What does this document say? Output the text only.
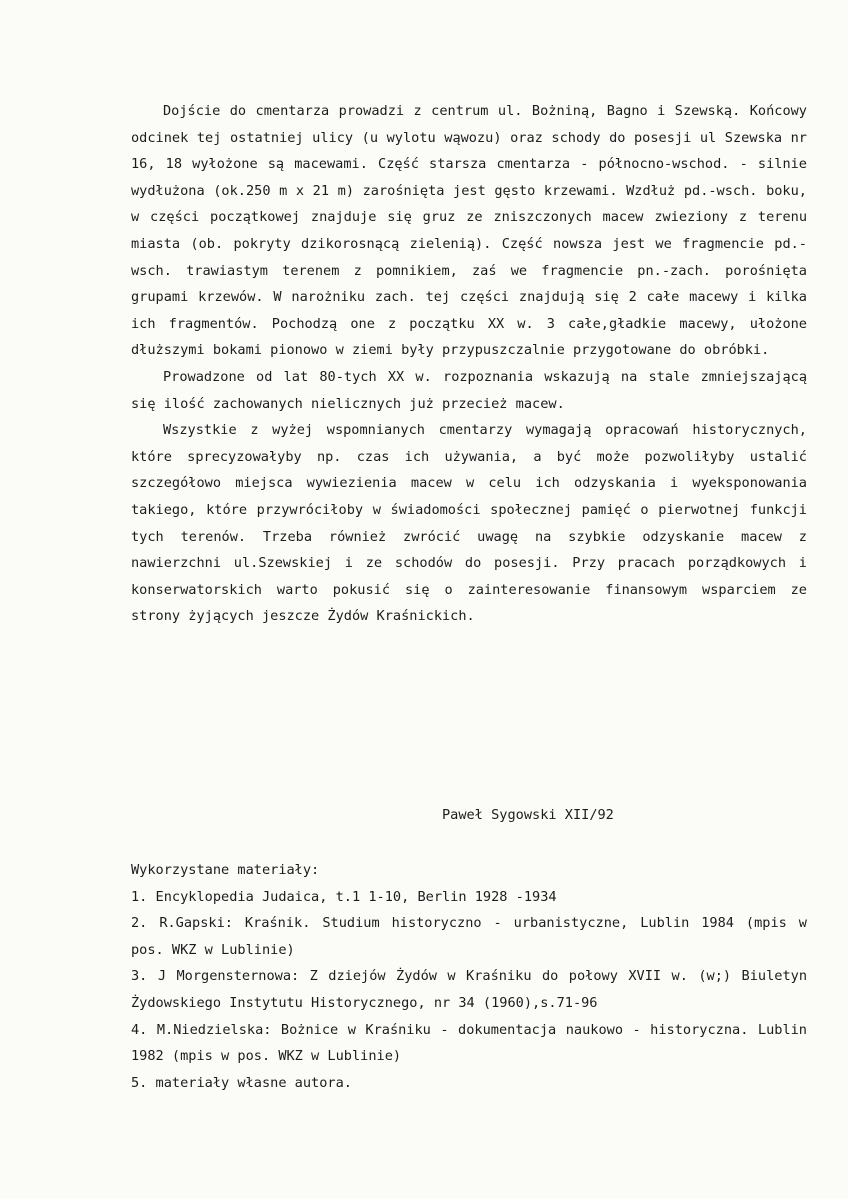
Dojście do cmentarza prowadzi z centrum ul. Bożniną, Bagno i Szewską. Końcowy odcinek tej ostatniej ulicy (u wylotu wąwozu) oraz schody do posesji ul Szewska nr 16, 18 wyłożone są macewami. Część starsza cmentarza - północno-wschod. - silnie wydłużona (ok.250 m x 21 m) zarośnięta jest gęsto krzewami. Wzdłuż pd.-wsch. boku, w części początkowej znajduje się gruz ze zniszczonych macew zwieziony z terenu miasta (ob. pokryty dzikorosnącą zielenią). Część nowsza jest we fragmencie pd.-wsch. trawiastym terenem z pomnikiem, zaś we fragmencie pn.-zach. porośnięta grupami krzewów. W narożniku zach. tej części znajdują się 2 całe macewy i kilka ich fragmentów. Pochodzą one z początku XX w. 3 całe,gładkie macewy, ułożone dłuższymi bokami pionowo w ziemi były przypuszczalnie przygotowane do obróbki.

Prowadzone od lat 80-tych XX w. rozpoznania wskazują na stale zmniejszającą się ilość zachowanych nielicznych już przecież macew.

Wszystkie z wyżej wspomnianych cmentarzy wymagają opracowań historycznych, które sprecyzowałyby np. czas ich używania, a być może pozwoliłyby ustalić szczegółowo miejsca wywiezienia macew w celu ich odzyskania i wyeksponowania takiego, które przywróciłoby w świadomości społecznej pamięć o pierwotnej funkcji tych terenów. Trzeba również zwrócić uwagę na szybkie odzyskanie macew z nawierzchni ul.Szewskiej i ze schodów do posesji. Przy pracach porządkowych i konserwatorskich warto pokusić się o zainteresowanie finansowym wsparciem ze strony żyjących jeszcze Żydów Kraśnickich.

Paweł Sygowski XII/92

Wykorzystane materiały:

1. Encyklopedia Judaica, t.1 1-10, Berlin 1928 -1934
2. R.Gapski: Kraśnik. Studium historyczno - urbanistyczne, Lublin 1984 (mpis w pos. WKZ w Lublinie)
3. J Morgensternowa: Z dziejów Żydów w Kraśniku do połowy XVII w. (w;) Biuletyn Żydowskiego Instytutu Historycznego, nr 34 (1960),s.71-96
4. M.Niedzielska: Bożnice w Kraśniku - dokumentacja naukowo - historyczna. Lublin 1982 (mpis w pos. WKZ w Lublinie)
5. materiały własne autora.
